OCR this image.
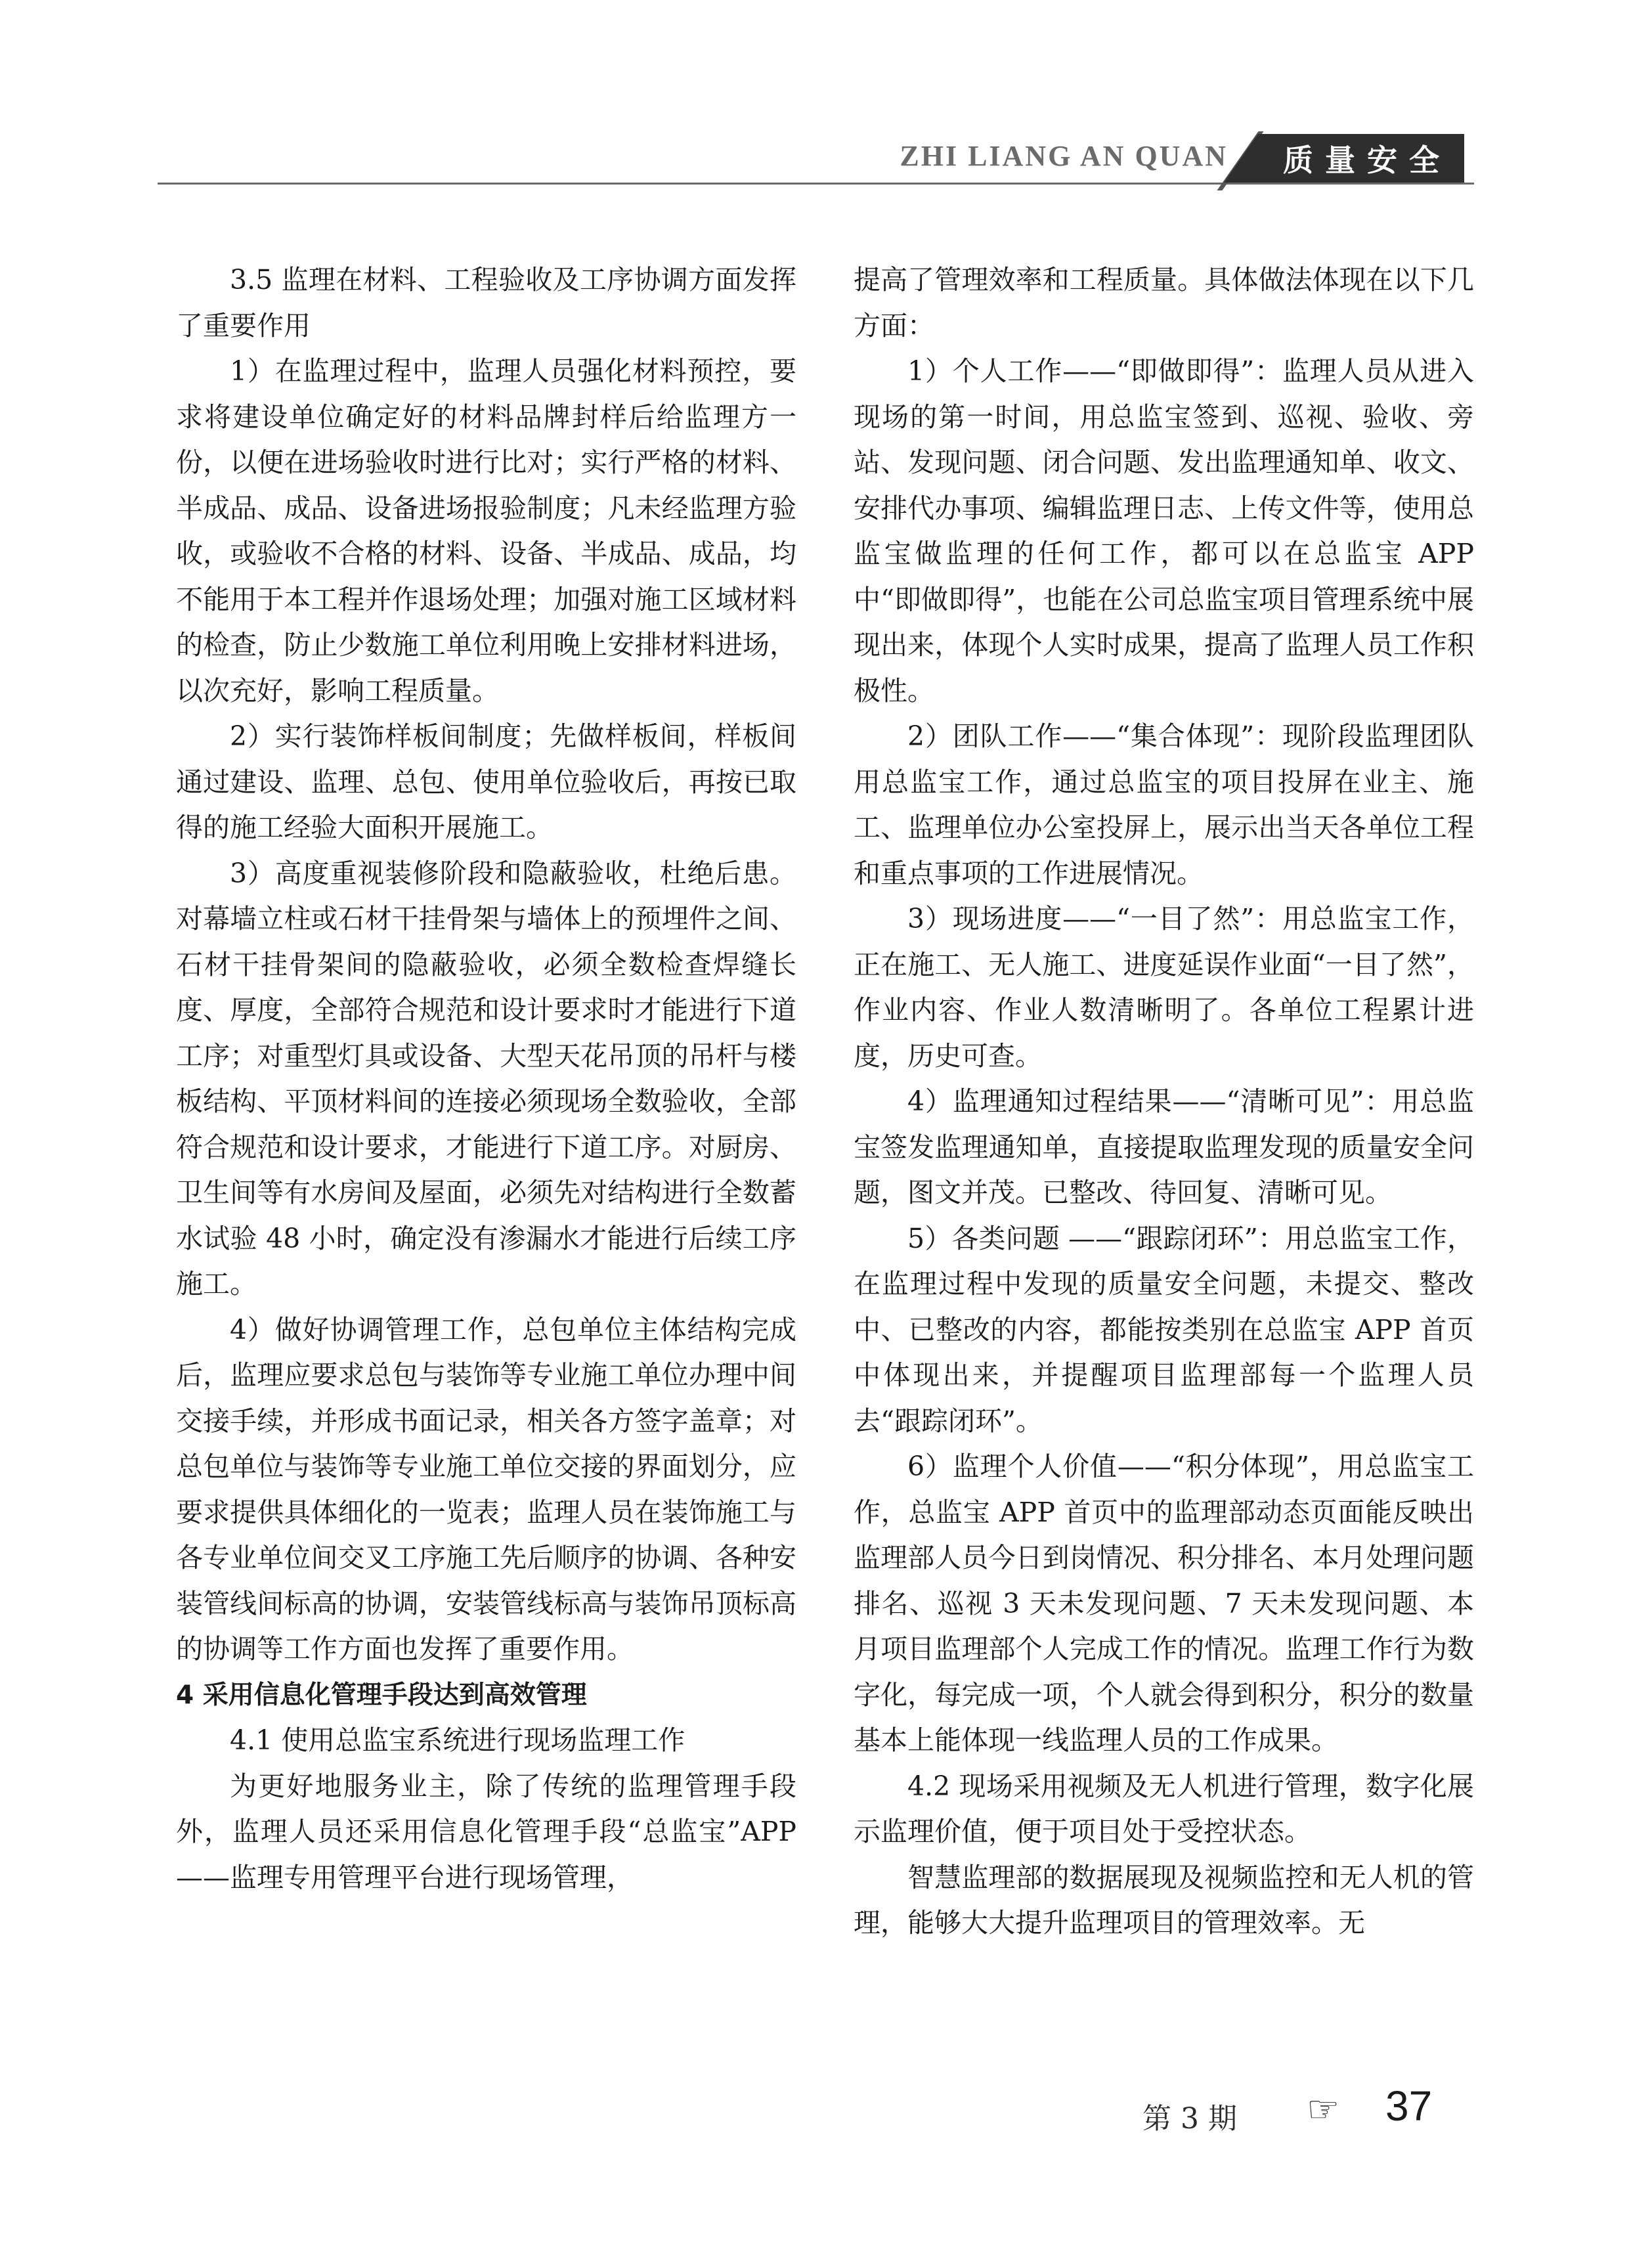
ZHI LIANG AN QUAN	质量安全
3.5 监理在材料、工程验收及工序协调方面发挥了重要作用

1）在监理过程中，监理人员强化材料预控，要求将建设单位确定好的材料品牌封样后给监理方一份，以便在进场验收时进行比对；实行严格的材料、半成品、成品、设备进场报验制度；凡未经监理方验收，或验收不合格的材料、设备、半成品、成品，均不能用于本工程并作退场处理；加强对施工区域材料的检查，防止少数施工单位利用晚上安排材料进场，以次充好，影响工程质量。

2）实行装饰样板间制度；先做样板间，样板间通过建设、监理、总包、使用单位验收后，再按已取得的施工经验大面积开展施工。

3）高度重视装修阶段和隐蔽验收，杜绝后患。对幕墙立柱或石材干挂骨架与墙体上的预埋件之间、石材干挂骨架间的隐蔽验收，必须全数检查焊缝长度、厚度，全部符合规范和设计要求时才能进行下道工序；对重型灯具或设备、大型天花吊顶的吊杆与楼板结构、平顶材料间的连接必须现场全数验收，全部符合规范和设计要求，才能进行下道工序。对厨房、卫生间等有水房间及屋面，必须先对结构进行全数蓄水试验 48 小时，确定没有渗漏水才能进行后续工序施工。

4）做好协调管理工作，总包单位主体结构完成后，监理应要求总包与装饰等专业施工单位办理中间交接手续，并形成书面记录，相关各方签字盖章；对总包单位与装饰等专业施工单位交接的界面划分，应要求提供具体细化的一览表；监理人员在装饰施工与各专业单位间交叉工序施工先后顺序的协调、各种安装管线间标高的协调，安装管线标高与装饰吊顶标高的协调等工作方面也发挥了重要作用。

4 采用信息化管理手段达到高效管理
4.1 使用总监宝系统进行现场监理工作

为更好地服务业主，除了传统的监理管理手段外，监理人员还采用信息化管理手段“总监宝”APP——监理专用管理平台进行现场管理，

提高了管理效率和工程质量。具体做法体现在以下几方面：

1）个人工作——“即做即得”：监理人员从进入现场的第一时间，用总监宝签到、巡视、验收、旁站、发现问题、闭合问题、发出监理通知单、收文、安排代办事项、编辑监理日志、上传文件等，使用总监宝做监理的任何工作，都可以在总监宝 APP 中“即做即得”，也能在公司总监宝项目管理系统中展现出来，体现个人实时成果，提高了监理人员工作积极性。

2）团队工作——“集合体现”：现阶段监理团队用总监宝工作，通过总监宝的项目投屏在业主、施工、监理单位办公室投屏上，展示出当天各单位工程和重点事项的工作进展情况。

3）现场进度——“一目了然”：用总监宝工作，正在施工、无人施工、进度延误作业面“一目了然”，作业内容、作业人数清晰明了。各单位工程累计进度，历史可查。

4）监理通知过程结果——“清晰可见”：用总监宝签发监理通知单，直接提取监理发现的质量安全问题，图文并茂。已整改、待回复、清晰可见。

5）各类问题 ——“跟踪闭环”：用总监宝工作，在监理过程中发现的质量安全问题，未提交、整改中、已整改的内容，都能按类别在总监宝 APP 首页中体现出来，并提醒项目监理部每一个监理人员去“跟踪闭环”。

6）监理个人价值——“积分体现”，用总监宝工作，总监宝 APP 首页中的监理部动态页面能反映出监理部人员今日到岗情况、积分排名、本月处理问题排名、巡视 3 天未发现问题、7 天未发现问题、本月项目监理部个人完成工作的情况。监理工作行为数字化，每完成一项，个人就会得到积分，积分的数量基本上能体现一线监理人员的工作成果。

4.2 现场采用视频及无人机进行管理，数字化展示监理价值，便于项目处于受控状态。

智慧监理部的数据展现及视频监控和无人机的管理，能够大大提升监理项目的管理效率。无

第 3 期 ☞ 37
